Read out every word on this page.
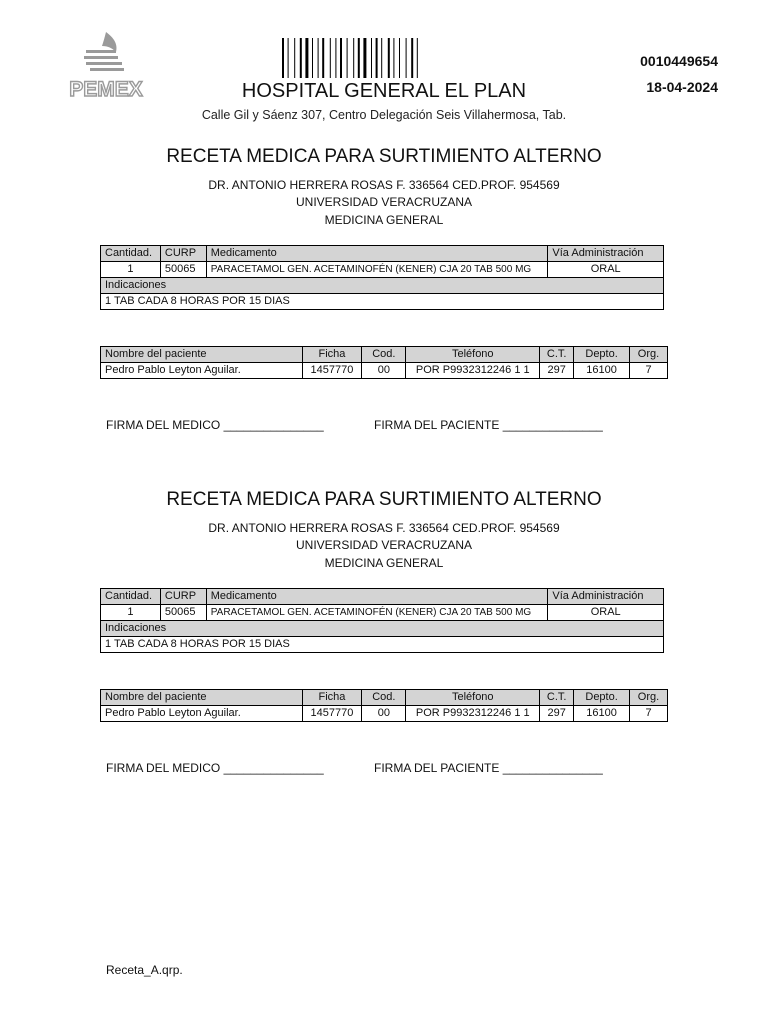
PEMEX
0010449654
18-04-2024
HOSPITAL GENERAL EL PLAN
Calle Gil y Sáenz 307, Centro Delegación Seis Villahermosa, Tab.
RECETA MEDICA PARA SURTIMIENTO ALTERNO
DR. ANTONIO HERRERA ROSAS F. 336564 CED.PROF. 954569
UNIVERSIDAD VERACRUZANA
MEDICINA GENERAL
Cantidad.	CURP	Medicamento	Vía Administración
1	50065	PARACETAMOL GEN. ACETAMINOFÉN (KENER) CJA 20 TAB 500 MG	ORAL
Indicaciones			
1 TAB CADA 8 HORAS POR 15 DIAS			
Nombre del paciente	Ficha	Cod.	Teléfono	C.T.	Depto.	Org.
Pedro Pablo Leyton Aguilar.	1457770	00	POR P9932312246 1 1	297	16100	7
FIRMA DEL MEDICO _______________	FIRMA DEL PACIENTE _______________
RECETA MEDICA PARA SURTIMIENTO ALTERNO
DR. ANTONIO HERRERA ROSAS F. 336564 CED.PROF. 954569
UNIVERSIDAD VERACRUZANA
MEDICINA GENERAL
Cantidad.	CURP	Medicamento	Vía Administración
1	50065	PARACETAMOL GEN. ACETAMINOFÉN (KENER) CJA 20 TAB 500 MG	ORAL
Indicaciones			
1 TAB CADA 8 HORAS POR 15 DIAS			
Nombre del paciente	Ficha	Cod.	Teléfono	C.T.	Depto.	Org.
Pedro Pablo Leyton Aguilar.	1457770	00	POR P9932312246 1 1	297	16100	7
FIRMA DEL MEDICO _______________	FIRMA DEL PACIENTE _______________
Receta_A.qrp.
